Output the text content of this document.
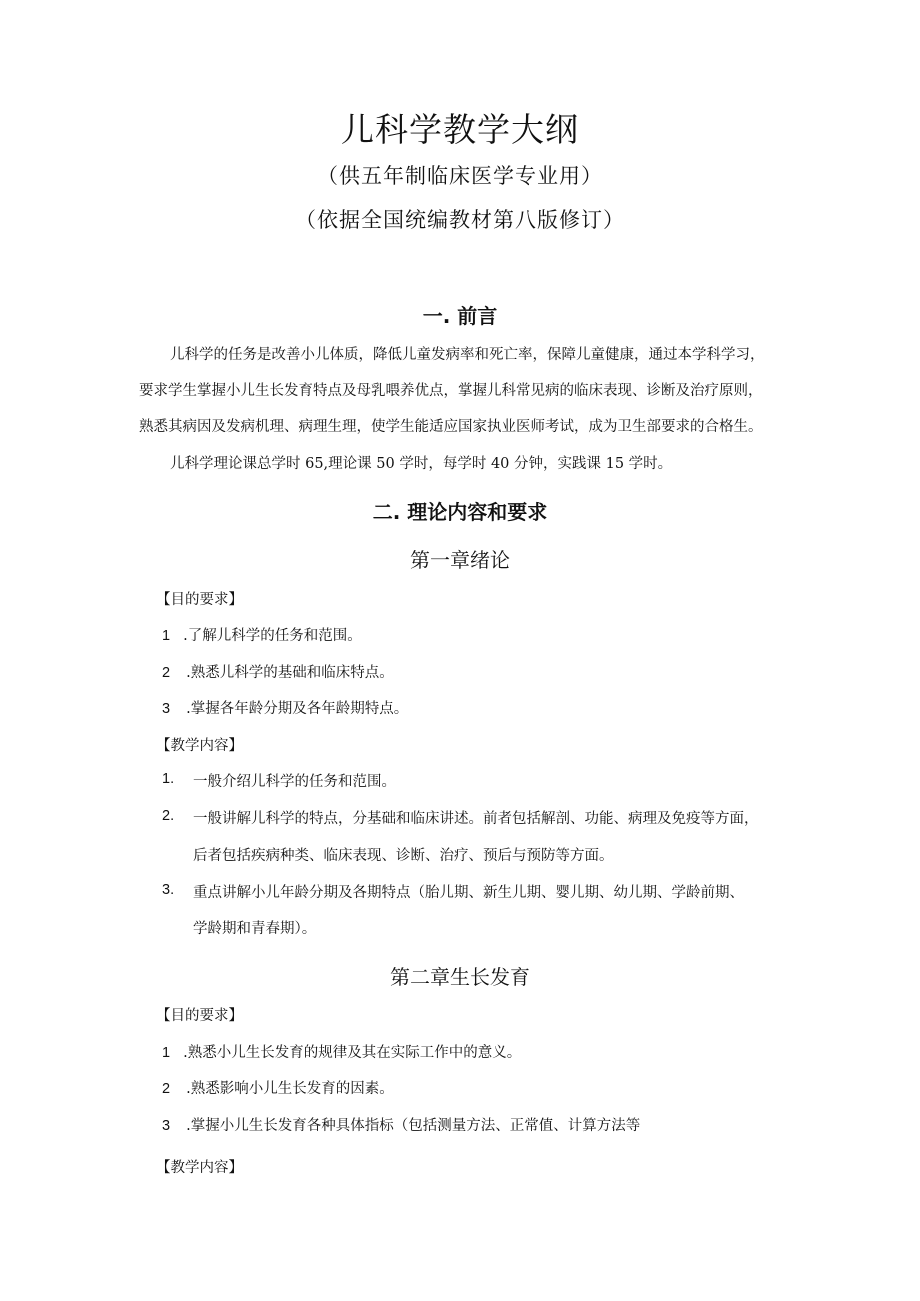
儿科学教学大纲
（供五年制临床医学专业用）
（依据全国统编教材第八版修订）
一. 前言
儿科学的任务是改善小儿体质，降低儿童发病率和死亡率，保障儿童健康，通过本学科学习，
要求学生掌握小儿生长发育特点及母乳喂养优点，掌握儿科常见病的临床表现、诊断及治疗原则，
熟悉其病因及发病机理、病理生理，使学生能适应国家执业医师考试，成为卫生部要求的合格生。
儿科学理论课总学时 65,理论课 50 学时，每学时 40 分钟，实践课 15 学时。
二. 理论内容和要求
第一章绪论
【目的要求】
1 .了解儿科学的任务和范围。
2 .熟悉儿科学的基础和临床特点。
3 .掌握各年龄分期及各年龄期特点。
【教学内容】
1. 一般介绍儿科学的任务和范围。
2. 一般讲解儿科学的特点，分基础和临床讲述。前者包括解剖、功能、病理及免疫等方面，
后者包括疾病种类、临床表现、诊断、治疗、预后与预防等方面。
3. 重点讲解小儿年龄分期及各期特点（胎儿期、新生儿期、婴儿期、幼儿期、学龄前期、
学龄期和青春期）。
第二章生长发育
【目的要求】
1 .熟悉小儿生长发育的规律及其在实际工作中的意义。
2 .熟悉影响小儿生长发育的因素。
3 .掌握小儿生长发育各种具体指标（包括测量方法、正常值、计算方法等
【教学内容】
